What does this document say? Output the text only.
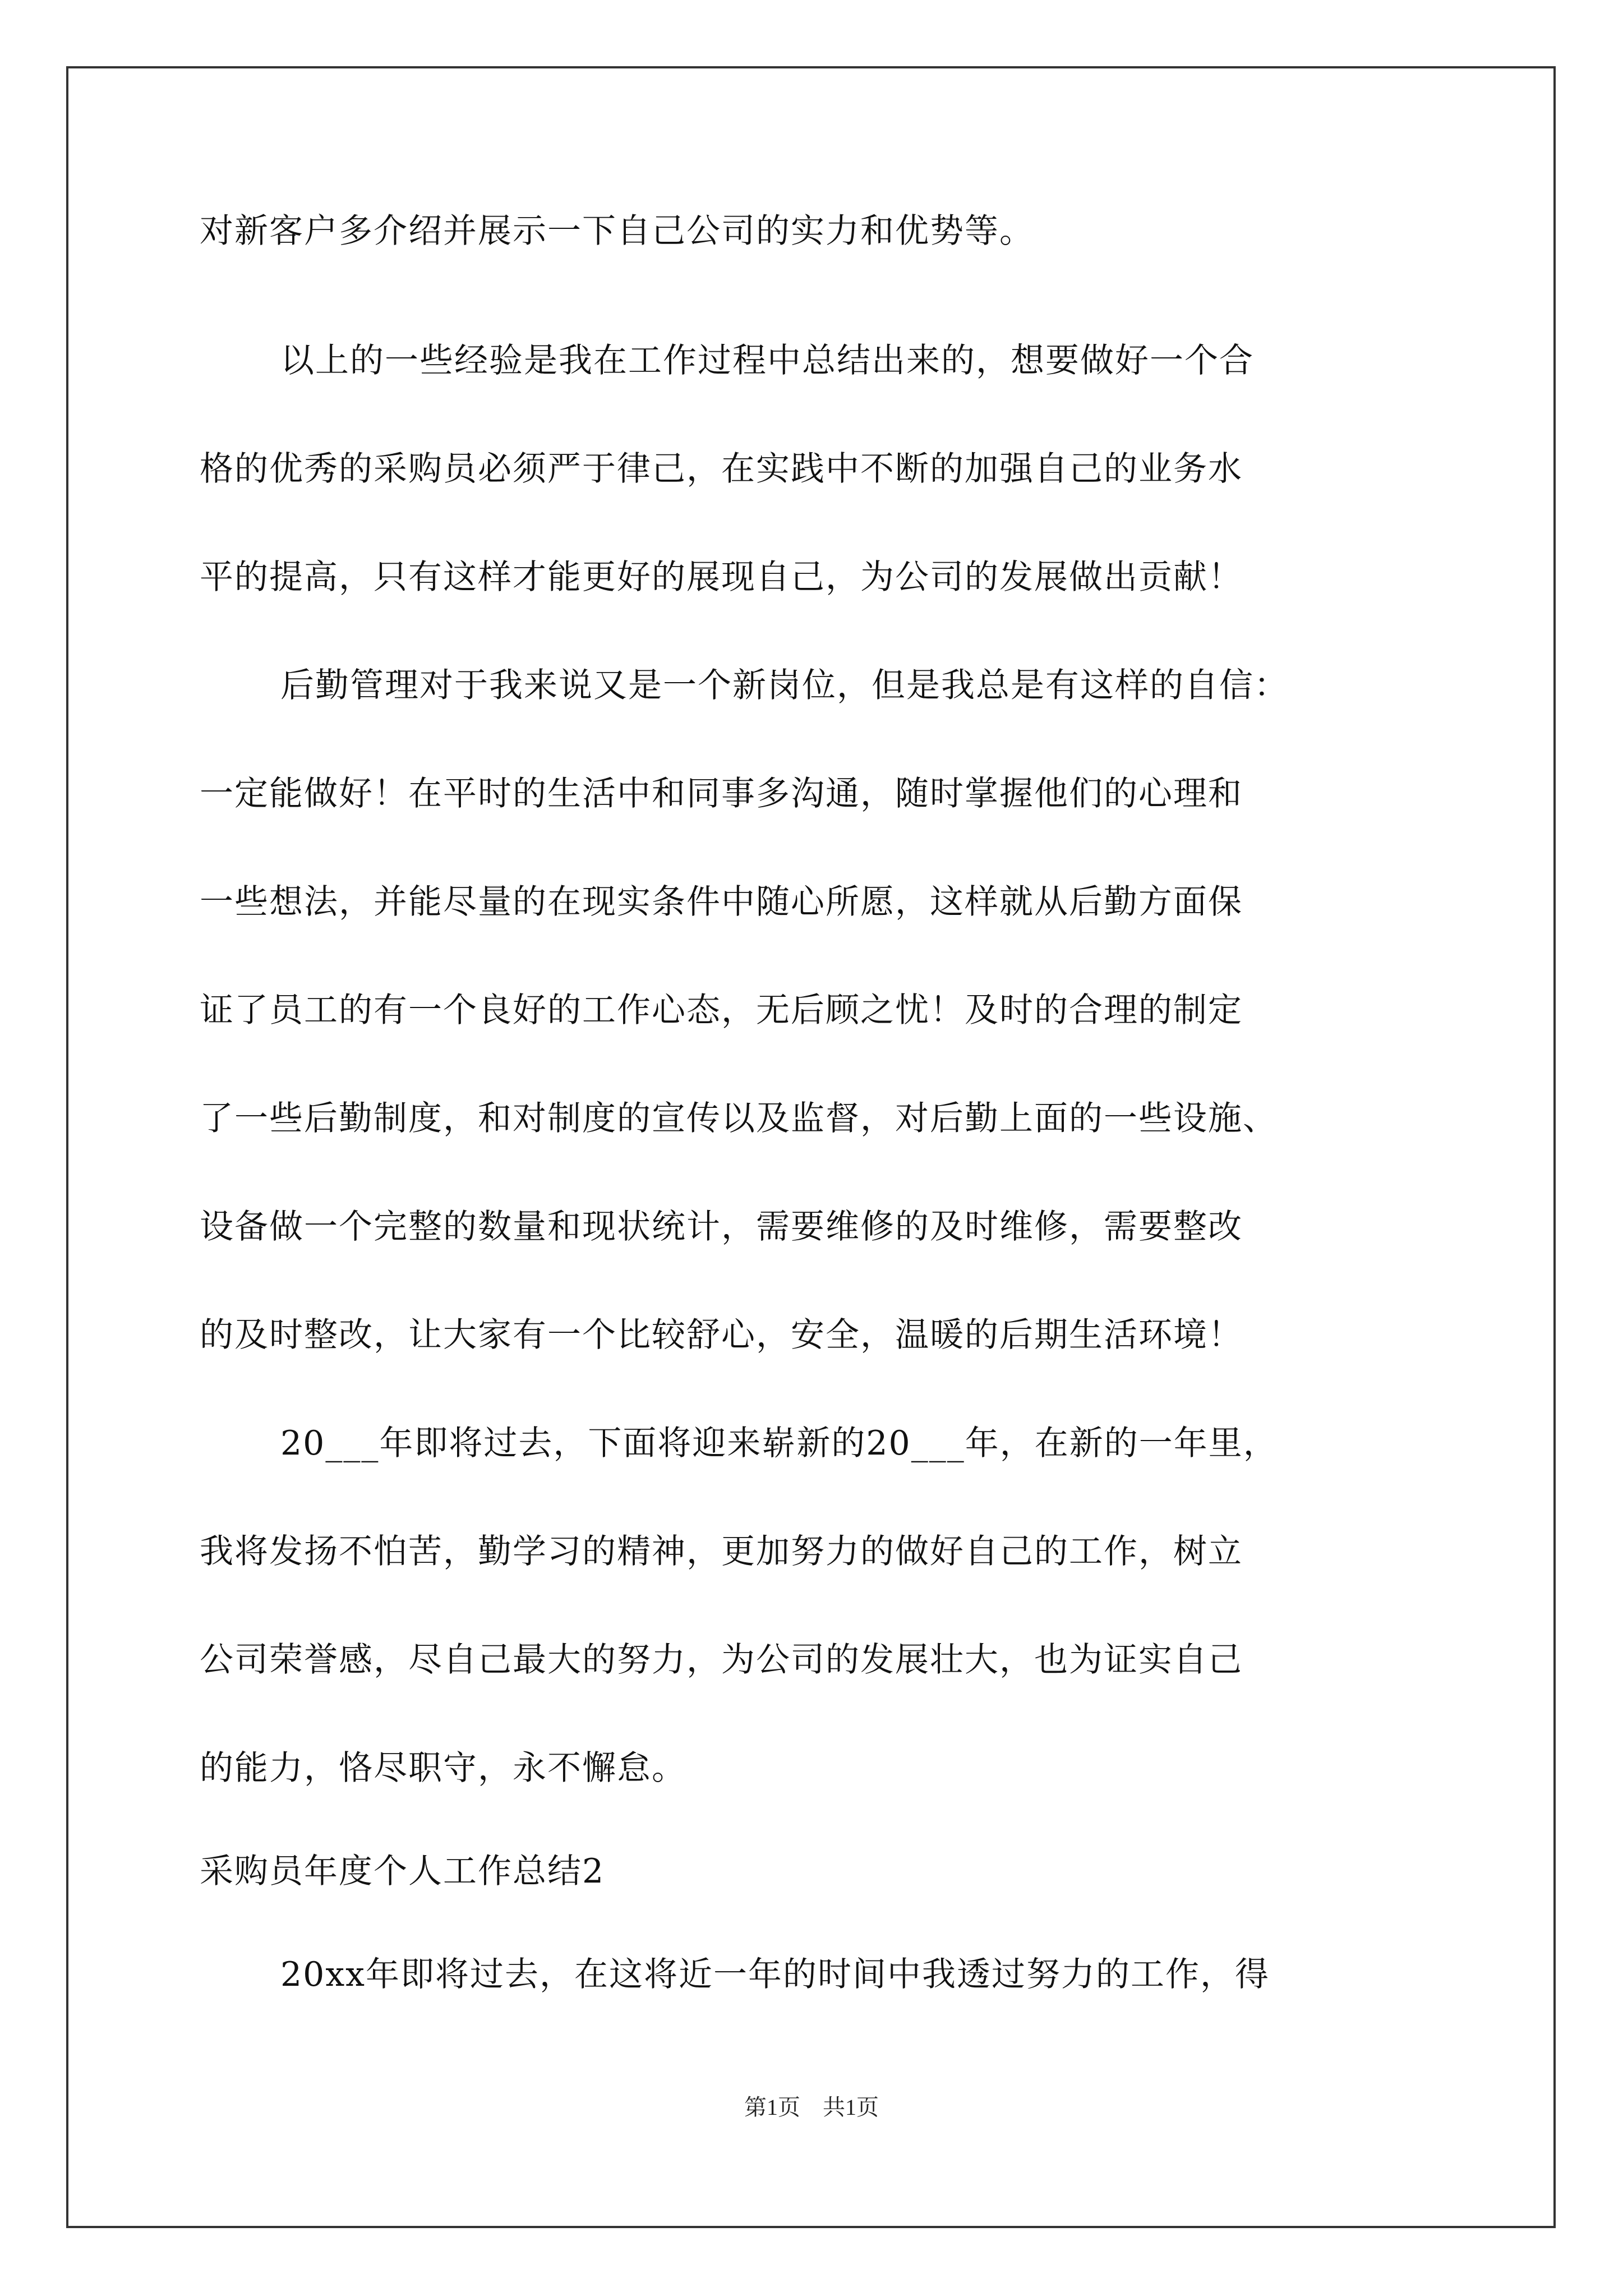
对新客户多介绍并展示一下自己公司的实力和优势等。
以上的一些经验是我在工作过程中总结出来的，想要做好一个合
格的优秀的采购员必须严于律己，在实践中不断的加强自己的业务水
平的提高，只有这样才能更好的展现自己，为公司的发展做出贡献！
后勤管理对于我来说又是一个新岗位，但是我总是有这样的自信：
一定能做好！在平时的生活中和同事多沟通，随时掌握他们的心理和
一些想法，并能尽量的在现实条件中随心所愿，这样就从后勤方面保
证了员工的有一个良好的工作心态，无后顾之忧！及时的合理的制定
了一些后勤制度，和对制度的宣传以及监督，对后勤上面的一些设施、
设备做一个完整的数量和现状统计，需要维修的及时维修，需要整改
的及时整改，让大家有一个比较舒心，安全，温暖的后期生活环境！
20___年即将过去，下面将迎来崭新的20___年，在新的一年里，
我将发扬不怕苦，勤学习的精神，更加努力的做好自己的工作，树立
公司荣誉感，尽自己最大的努力，为公司的发展壮大，也为证实自己
的能力，恪尽职守，永不懈怠。
采购员年度个人工作总结2
20xx年即将过去，在这将近一年的时间中我透过努力的工作，得
第1页　共1页
